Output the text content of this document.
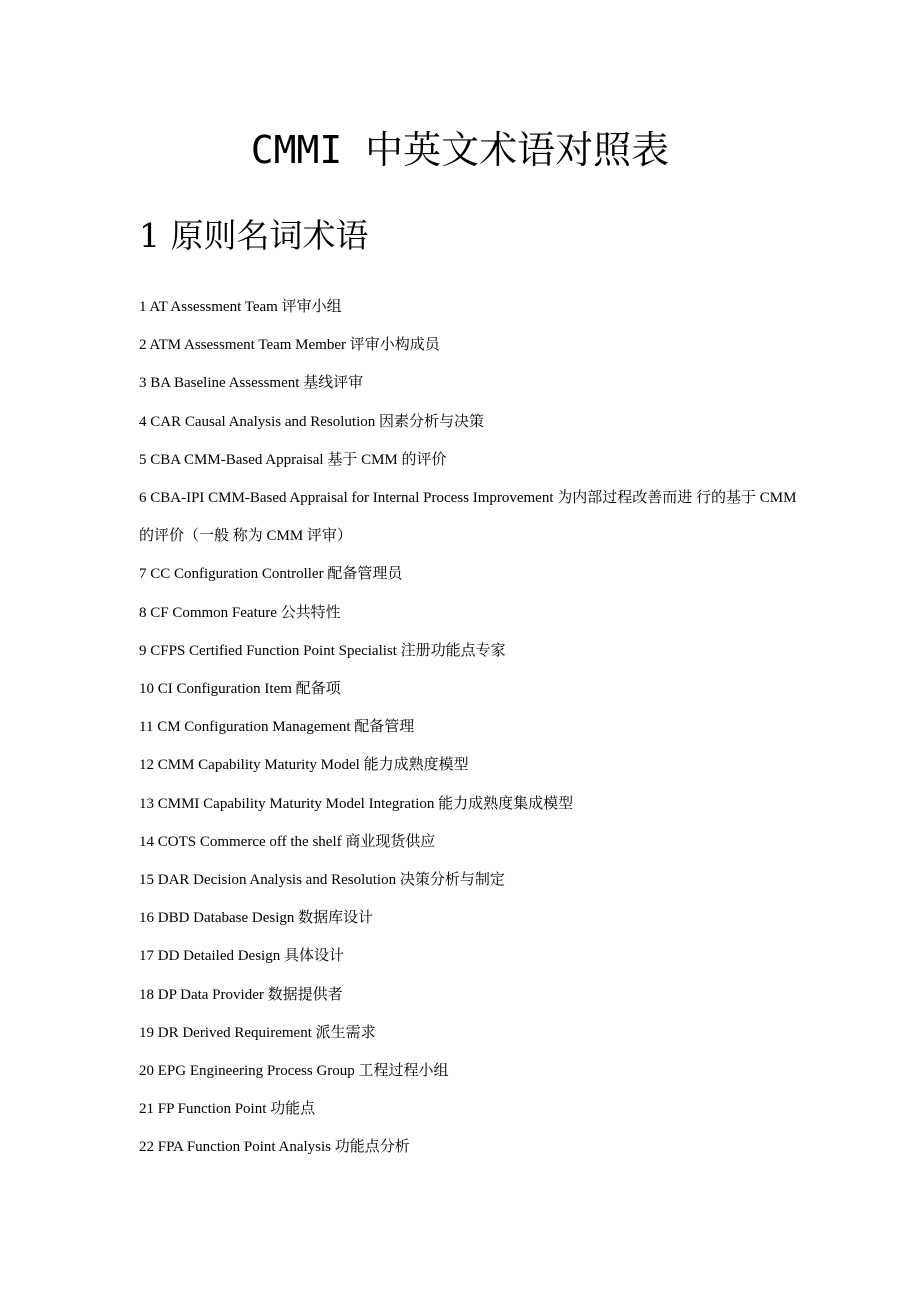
CMMI 中英文术语对照表
1 原则名词术语
1 AT Assessment Team 评审小组
2 ATM Assessment Team Member 评审小构成员
3 BA Baseline Assessment 基线评审
4 CAR Causal Analysis and Resolution 因素分析与决策
5 CBA CMM-Based Appraisal 基于 CMM 的评价
6 CBA-IPI CMM-Based Appraisal for Internal Process Improvement 为内部过程改善而进 行的基于 CMM 的评价（一般 称为 CMM 评审）
7 CC Configuration Controller 配备管理员
8 CF Common Feature 公共特性
9 CFPS Certified Function Point Specialist 注册功能点专家
10 CI Configuration Item 配备项
11 CM Configuration Management 配备管理
12 CMM Capability Maturity Model 能力成熟度模型
13 CMMI Capability Maturity Model Integration 能力成熟度集成模型
14 COTS Commerce off the shelf 商业现货供应
15 DAR Decision Analysis and Resolution 决策分析与制定
16 DBD Database Design 数据库设计
17 DD Detailed Design 具体设计
18 DP Data Provider 数据提供者
19 DR Derived Requirement 派生需求
20 EPG Engineering Process Group 工程过程小组
21 FP Function Point 功能点
22 FPA Function Point Analysis 功能点分析
